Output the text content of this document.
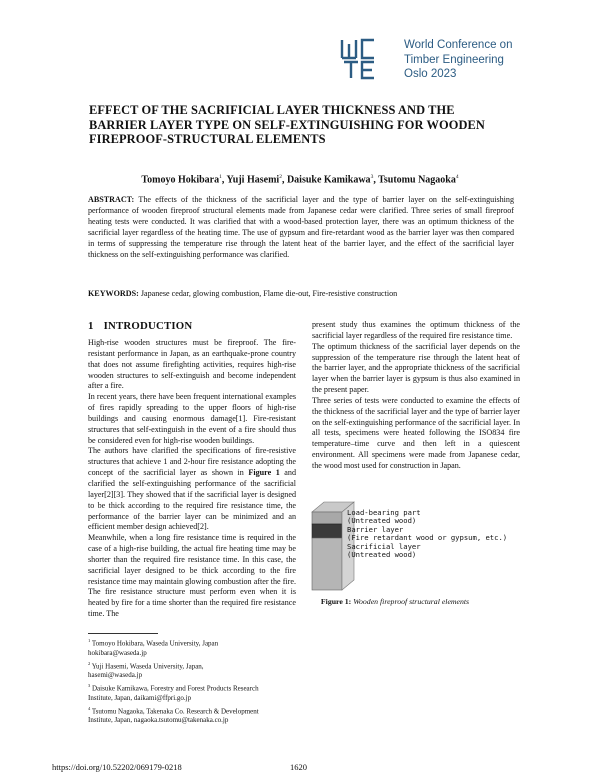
World Conference on
Timber Engineering
Oslo 2023
EFFECT OF THE SACRIFICIAL LAYER THICKNESS AND THE
BARRIER LAYER TYPE ON SELF-EXTINGUISHING FOR WOODEN
FIREPROOF-STRUCTURAL ELEMENTS
Tomoyo Hokibara$^1$, Yuji Hasemi$^2$, Daisuke Kamikawa$^3$, Tsutomu Nagaoka$^4$
ABSTRACT: The effects of the thickness of the sacrificial layer and the type of barrier layer on the self-extinguishing performance of wooden fireproof structural elements made from Japanese cedar were clarified. Three series of small fireproof heating tests were conducted. It was clarified that with a wood-based protection layer, there was an optimum thickness of the sacrificial layer regardless of the heating time. The use of gypsum and fire-retardant wood as the barrier layer was then compared in terms of suppressing the temperature rise through the latent heat of the barrier layer, and the effect of the sacrificial layer thickness on the self-extinguishing performance was clarified.
KEYWORDS: Japanese cedar, glowing combustion, Flame die-out, Fire-resistive construction
1 INTRODUCTION

High-rise wooden structures must be fireproof. The fire-resistant performance in Japan, as an earthquake-prone country that does not assume firefighting activities, requires high-rise wooden structures to self-extinguish and become independent after a fire.

In recent years, there have been frequent international examples of fires rapidly spreading to the upper floors of high-rise buildings and causing enormous damage[1]. Fire-resistant structures that self-extinguish in the event of a fire should thus be considered even for high-rise wooden buildings.

The authors have clarified the specifications of fire-resistive structures that achieve 1 and 2-hour fire resistance adopting the concept of the sacrificial layer as shown in Figure 1 and clarified the self-extinguishing performance of the sacrificial layer[2][3]. They showed that if the sacrificial layer is designed to be thick according to the required fire resistance time, the performance of the barrier layer can be minimized and an efficient member design achieved[2].

Meanwhile, when a long fire resistance time is required in the case of a high-rise building, the actual fire heating time may be shorter than the required fire resistance time. In this case, the sacrificial layer designed to be thick according to the fire resistance time may maintain glowing combustion after the fire. The fire resistance structure must perform even when it is heated by fire for a time shorter than the required fire resistance time. The

present study thus examines the optimum thickness of the sacrificial layer regardless of the required fire resistance time.

The optimum thickness of the sacrificial layer depends on the suppression of the temperature rise through the latent heat of the barrier layer, and the appropriate thickness of the sacrificial layer when the barrier layer is gypsum is thus also examined in the present paper.

Three series of tests were conducted to examine the effects of the thickness of the sacrificial layer and the type of barrier layer on the self-extinguishing performance of the sacrificial layer. In all tests, specimens were heated following the ISO834 fire temperature–time curve and then left in a quiescent environment. All specimens were made from Japanese cedar, the wood most used for construction in Japan.

Load-bearing part
(Untreated wood)
Barrier layer
(Fire retardant wood or gypsum, etc.)
Sacrificial layer
(Untreated wood)
Figure 1: Wooden fireproof structural elements
$^1$ Tomoyo Hokibara, Waseda University, Japan
hokibara@waseda.jp
$^2$ Yuji Hasemi, Waseda University, Japan,
hasemi@waseda.jp
$^3$ Daisuke Kamikawa, Forestry and Forest Products Research
Institute, Japan, daikami@ffpri.go.jp
$^4$ Tsutomu Nagaoka, Takenaka Co. Research & Development
Institute, Japan, nagaoka.tsutomu@takenaka.co.jp
https://doi.org/10.52202/069179-0218	1620
